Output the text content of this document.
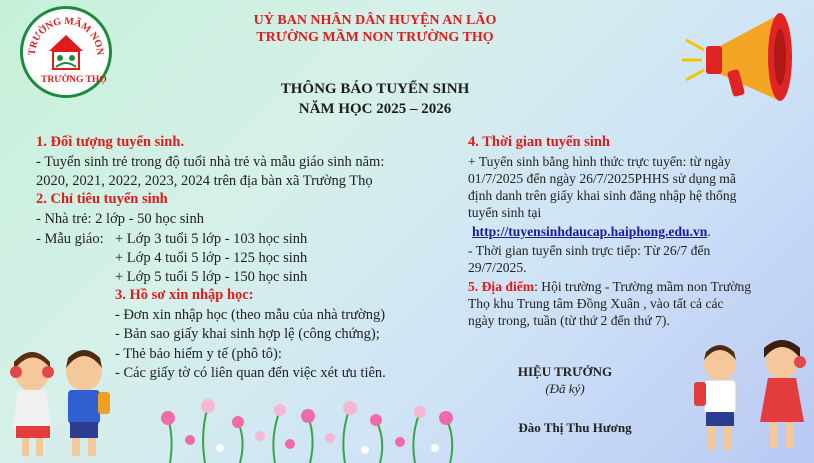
TRƯỜNG MẦM NON
TRƯỜNG THỌ
UỶ BAN NHÂN DÂN HUYỆN AN LÃO
TRƯỜNG MẦM NON TRƯỜNG THỌ
THÔNG BÁO TUYỂN SINH
NĂM HỌC 2025 – 2026
1. Đối tượng tuyển sinh.
- Tuyển sinh trẻ trong độ tuổi nhà trẻ và mẫu giáo sinh năm:
2020, 2021, 2022, 2023, 2024 trên địa bàn xã Trường Thọ
2. Chỉ tiêu tuyển sinh
- Nhà trẻ: 2 lớp - 50 học sinh
- Mẫu giáo: + Lớp 3 tuổi 5 lớp - 103 học sinh
+ Lớp 4 tuổi 5 lớp - 125 học sinh
+ Lớp 5 tuổi 5 lớp - 150 học sinh
3. Hồ sơ xin nhập học:
- Đơn xin nhập học (theo mẫu của nhà trường)
- Bản sao giấy khai sinh hợp lệ (công chứng);
- Thẻ bảo hiểm y tế (phô tô):
- Các giấy tờ có liên quan đến việc xét ưu tiên.
4. Thời gian tuyển sinh
+ Tuyển sinh bằng hình thức trực tuyến: từ ngày
01/7/2025 đến ngày 26/7/2025PHHS sử dụng mã
định danh trên giấy khai sinh đăng nhập hệ thống
tuyển sinh tại
http://tuyensinhdaucap.haiphong.edu.vn.
- Thời gian tuyển sinh trực tiếp: Từ 26/7 đến
29/7/2025.
5. Địa điểm: Hội trường - Trường mầm non Trường
Thọ khu Trung tâm Đồng Xuân , vào tất cả các
ngày trong, tuần (từ thứ 2 đến thứ 7).
HIỆU TRƯỞNG
(Đã ký)
Đào Thị Thu Hương
